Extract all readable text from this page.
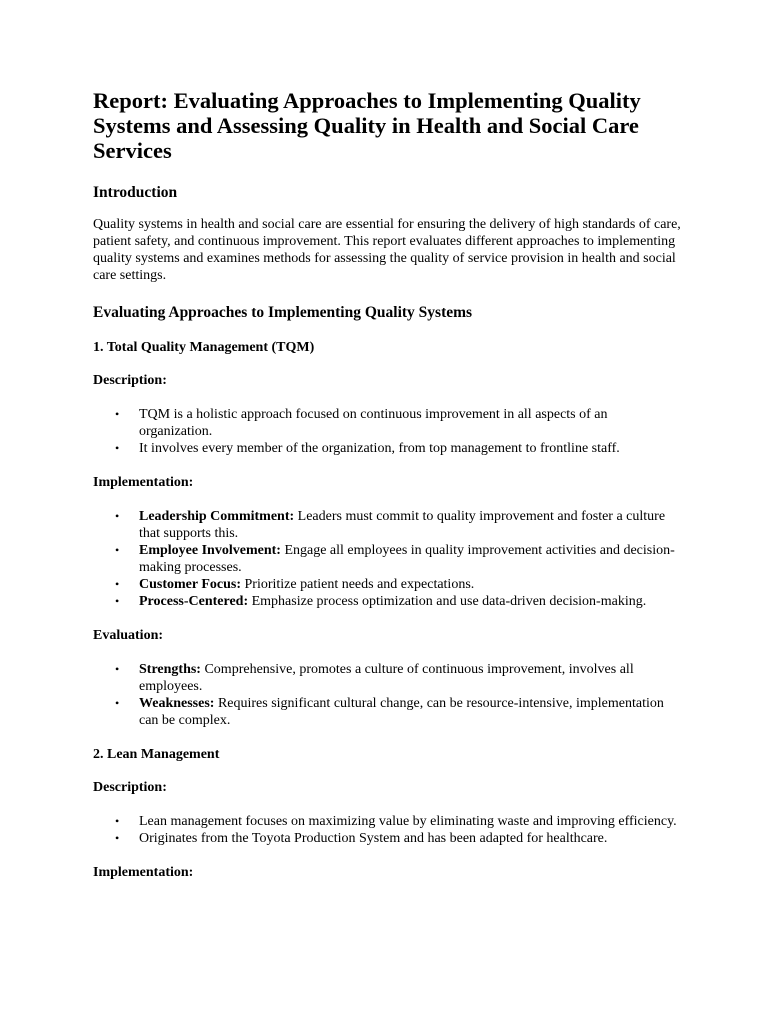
Report: Evaluating Approaches to Implementing Quality Systems and Assessing Quality in Health and Social Care Services
Introduction

Quality systems in health and social care are essential for ensuring the delivery of high standards of care, patient safety, and continuous improvement. This report evaluates different approaches to implementing quality systems and examines methods for assessing the quality of service provision in health and social care settings.

Evaluating Approaches to Implementing Quality Systems
1. Total Quality Management (TQM)
Description:
• TQM is a holistic approach focused on continuous improvement in all aspects of an organization.
• It involves every member of the organization, from top management to frontline staff.
Implementation:
• Leadership Commitment: Leaders must commit to quality improvement and foster a culture that supports this.
• Employee Involvement: Engage all employees in quality improvement activities and decision-making processes.
• Customer Focus: Prioritize patient needs and expectations.
• Process-Centered: Emphasize process optimization and use data-driven decision-making.
Evaluation:
• Strengths: Comprehensive, promotes a culture of continuous improvement, involves all employees.
• Weaknesses: Requires significant cultural change, can be resource-intensive, implementation can be complex.
2. Lean Management
Description:
• Lean management focuses on maximizing value by eliminating waste and improving efficiency.
• Originates from the Toyota Production System and has been adapted for healthcare.
Implementation:
